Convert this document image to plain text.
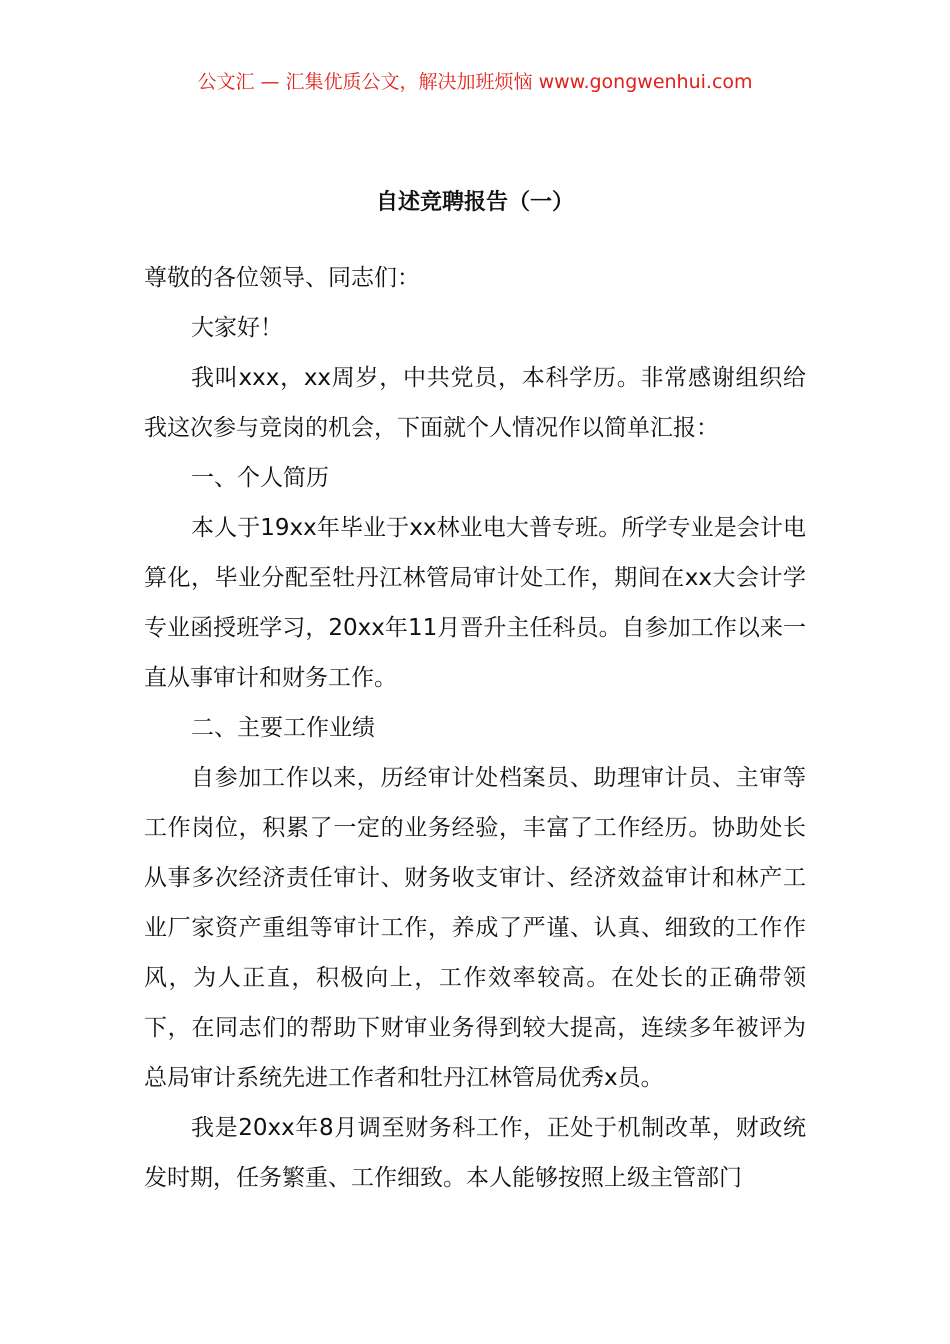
公文汇 — 汇集优质公文，解决加班烦恼 www.gongwenhui.com
自述竞聘报告（一）

尊敬的各位领导、同志们：

大家好！

我叫xxx，xx周岁，中共党员，本科学历。非常感谢组织给我这次参与竞岗的机会，下面就个人情况作以简单汇报：

一、个人简历

本人于19xx年毕业于xx林业电大普专班。所学专业是会计电算化，毕业分配至牡丹江林管局审计处工作，期间在xx大会计学专业函授班学习，20xx年11月晋升主任科员。自参加工作以来一直从事审计和财务工作。

二、主要工作业绩

自参加工作以来，历经审计处档案员、助理审计员、主审等工作岗位，积累了一定的业务经验，丰富了工作经历。协助处长从事多次经济责任审计、财务收支审计、经济效益审计和林产工业厂家资产重组等审计工作，养成了严谨、认真、细致的工作作风，为人正直，积极向上，工作效率较高。在处长的正确带领下，在同志们的帮助下财审业务得到较大提高，连续多年被评为总局审计系统先进工作者和牡丹江林管局优秀x员。

我是20xx年8月调至财务科工作，正处于机制改革，财政统发时期，任务繁重、工作细致。本人能够按照上级主管部门
